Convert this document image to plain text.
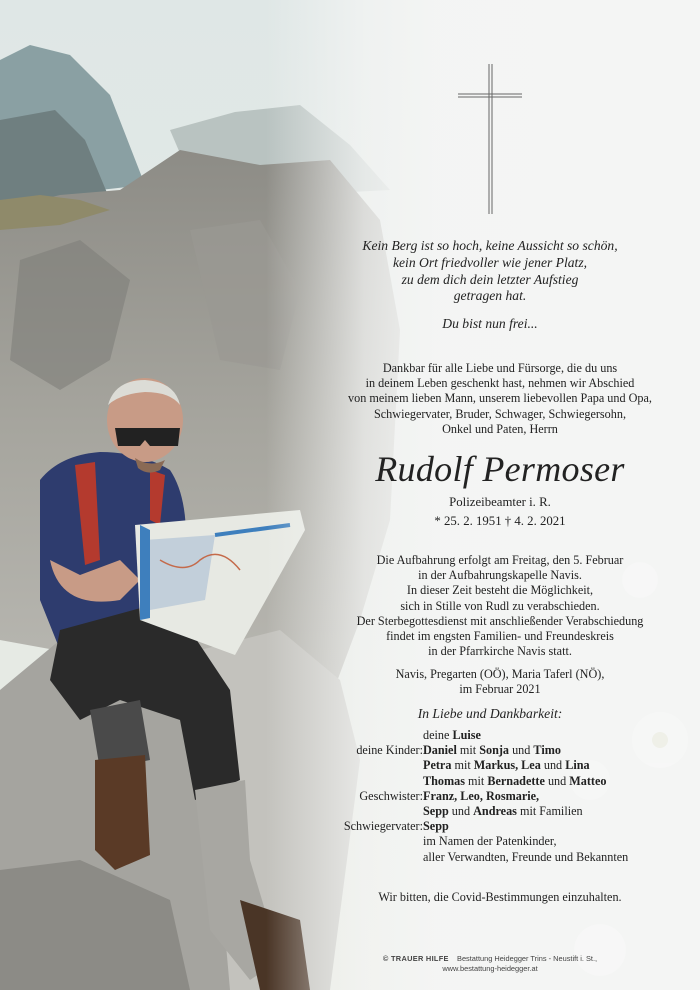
Kein Berg ist so hoch, keine Aussicht so schön,
kein Ort friedvoller wie jener Platz,
zu dem dich dein letzter Aufstieg
getragen hat.
Du bist nun frei...
Dankbar für alle Liebe und Fürsorge, die du uns
in deinem Leben geschenkt hast, nehmen wir Abschied
von meinem lieben Mann, unserem liebevollen Papa und Opa,
Schwiegervater, Bruder, Schwager, Schwiegersohn,
Onkel und Paten, Herrn
Rudolf Permoser
Polizeibeamter i. R.
* 25. 2. 1951 † 4. 2. 2021
Die Aufbahrung erfolgt am Freitag, den 5. Februar
in der Aufbahrungskapelle Navis.
In dieser Zeit besteht die Möglichkeit,
sich in Stille von Rudl zu verabschieden.
Der Sterbegottesdienst mit anschließender Verabschiedung
findet im engsten Familien- und Freundeskreis
in der Pfarrkirche Navis statt.
Navis, Pregarten (OÖ), Maria Taferl (NÖ),
im Februar 2021
In Liebe und Dankbarkeit:
deine Luise
deine Kinder: Daniel mit Sonja und Timo
Petra mit Markus, Lea und Lina
Thomas mit Bernadette und Matteo
Geschwister: Franz, Leo, Rosmarie,
Sepp und Andreas mit Familien
Schwiegervater: Sepp
im Namen der Patenkinder,
aller Verwandten, Freunde und Bekannten
Wir bitten, die Covid-Bestimmungen einzuhalten.
© TRAUER HILFE Bestattung Heidegger Trins - Neustift i. St.,
www.bestattung-heidegger.at
